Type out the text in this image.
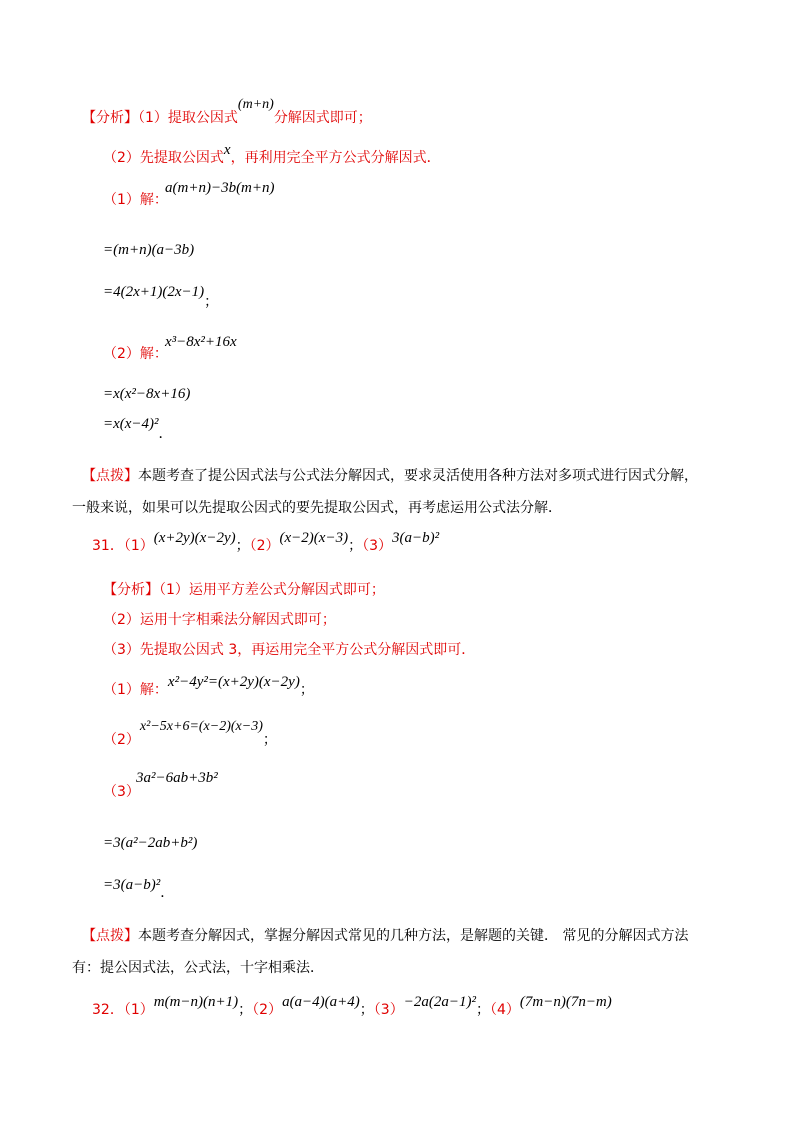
【分析】（1）提取公因式(m+n)分解因式即可；
（2）先提取公因式x，再利用完全平方公式分解因式．
（1）解：
a(m+n)−3b(m+n)
=(m+n)(a−3b)
=4(2x+1)(2x−1)；
（2）解：
x³−8x²+16x
=x(x²−8x+16)
=x(x−4)²．
【点拨】本题考查了提公因式法与公式法分解因式，要求灵活使用各种方法对多项式进行因式分解，
一般来说，如果可以先提取公因式的要先提取公因式，再考虑运用公式法分解．
31．（1）(x+2y)(x−2y)；（2）(x−2)(x−3)；（3）3(a−b)²
【分析】（1）运用平方差公式分解因式即可；
（2）运用十字相乘法分解因式即可；
（3）先提取公因式 3，再运用完全平方公式分解因式即可．
（1）解：x²−4y²=(x+2y)(x−2y)；
（2）x²−5x+6=(x−2)(x−3)；
（3）
3a²−6ab+3b²
=3(a²−2ab+b²)
=3(a−b)²．
【点拨】本题考查分解因式，掌握分解因式常见的几种方法，是解题的关键． 常见的分解因式方法
有：提公因式法，公式法，十字相乘法．
32．（1）m(m−n)(n+1)；（2）a(a−4)(a+4)；（3）−2a(2a−1)²；（4）(7m−n)(7n−m)
